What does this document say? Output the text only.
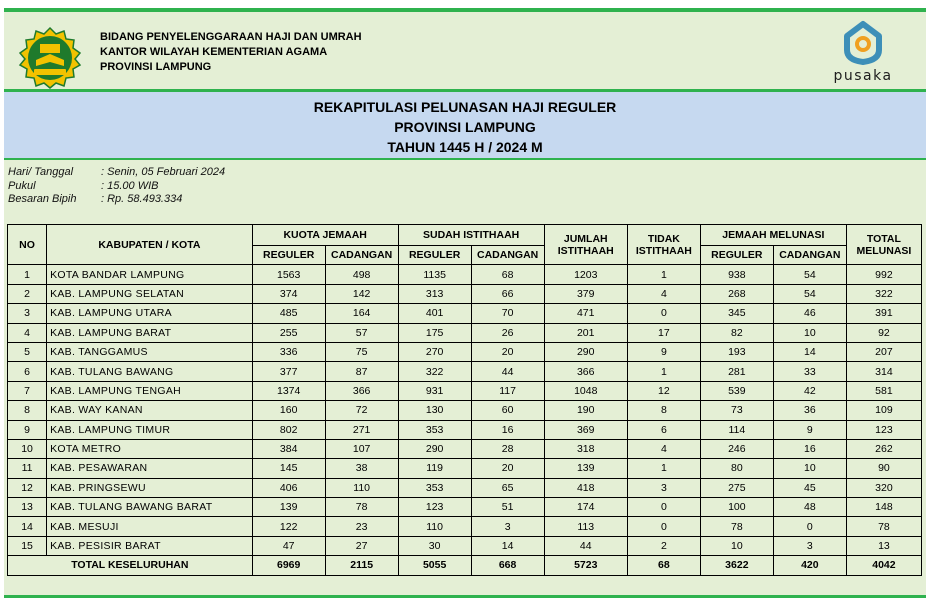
BIDANG PENYELENGGARAAN HAJI DAN UMRAH
KANTOR WILAYAH KEMENTERIAN AGAMA
PROVINSI LAMPUNG
pusaka
REKAPITULASI PELUNASAN HAJI REGULER
PROVINSI LAMPUNG
TAHUN 1445 H / 2024 M
Hari/ Tanggal	: Senin, 05 Februari 2024
Pukul	: 15.00 WIB
Besaran Bipih	: Rp. 58.493.334
NO	KABUPATEN / KOTA	KUOTA JEMAAH		SUDAH ISTITHAAH		JUMLAH ISTITHAAH	TIDAK ISTITHAAH	JEMAAH MELUNASI		TOTAL MELUNASI
		REGULER	CADANGAN	REGULER	CADANGAN			REGULER	CADANGAN	
1	KOTA BANDAR LAMPUNG	1563	498	1135	68	1203	1	938	54	992
2	KAB. LAMPUNG SELATAN	374	142	313	66	379	4	268	54	322
3	KAB. LAMPUNG UTARA	485	164	401	70	471	0	345	46	391
4	KAB. LAMPUNG BARAT	255	57	175	26	201	17	82	10	92
5	KAB. TANGGAMUS	336	75	270	20	290	9	193	14	207
6	KAB. TULANG BAWANG	377	87	322	44	366	1	281	33	314
7	KAB. LAMPUNG TENGAH	1374	366	931	117	1048	12	539	42	581
8	KAB. WAY KANAN	160	72	130	60	190	8	73	36	109
9	KAB. LAMPUNG TIMUR	802	271	353	16	369	6	114	9	123
10	KOTA METRO	384	107	290	28	318	4	246	16	262
11	KAB. PESAWARAN	145	38	119	20	139	1	80	10	90
12	KAB. PRINGSEWU	406	110	353	65	418	3	275	45	320
13	KAB. TULANG BAWANG BARAT	139	78	123	51	174	0	100	48	148
14	KAB. MESUJI	122	23	110	3	113	0	78	0	78
15	KAB. PESISIR BARAT	47	27	30	14	44	2	10	3	13
TOTAL KESELURUHAN		6969	2115	5055	668	5723	68	3622	420	4042
